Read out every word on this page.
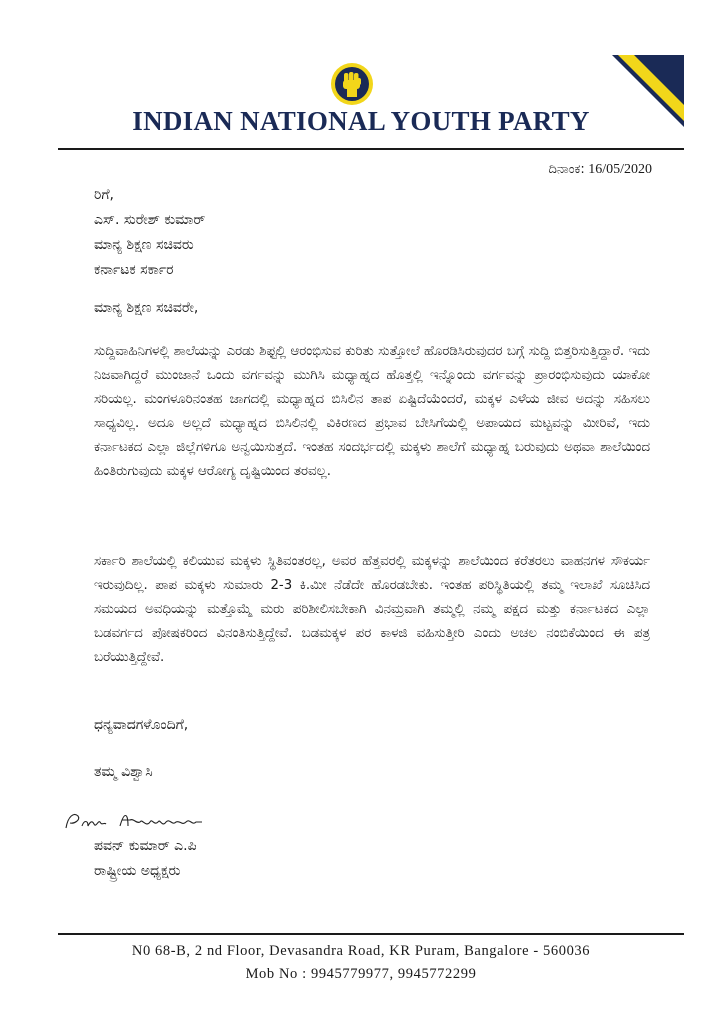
INDIAN NATIONAL YOUTH PARTY
ದಿನಾಂಕ: 16/05/2020
ರಿಗೆ,
ಎಸ್. ಸುರೇಶ್ ಕುಮಾರ್
ಮಾನ್ಯ ಶಿಕ್ಷಣ ಸಚಿವರು
ಕರ್ನಾಟಕ ಸರ್ಕಾರ
ಮಾನ್ಯ ಶಿಕ್ಷಣ ಸಚಿವರೇ,
ಸುದ್ದಿವಾಹಿನಿಗಳಲ್ಲಿ ಶಾಲೆಯನ್ನು ಎರಡು ಶಿಫ್ಟಲ್ಲಿ ಆರಂಭಿಸುವ ಕುರಿತು ಸುತ್ತೋಲೆ ಹೊರಡಿಸಿರುವುದರ ಬಗ್ಗೆ ಸುದ್ದಿ ಬಿತ್ತರಿಸುತ್ತಿದ್ದಾರೆ. ಇದು ನಿಜವಾಗಿದ್ದರೆ ಮುಂಜಾನೆ ಒಂದು ವರ್ಗವನ್ನು ಮುಗಿಸಿ ಮಧ್ಯಾಹ್ನದ ಹೊತ್ತಲ್ಲಿ ಇನ್ನೊಂದು ವರ್ಗವನ್ನು ಪ್ರಾರಂಭಿಸುವುದು ಯಾಕೋ ಸರಿಯಲ್ಲ. ಮಂಗಳೂರಿನಂತಹ ಜಾಗದಲ್ಲಿ ಮಧ್ಯಾಹ್ನದ ಬಿಸಿಲಿನ ತಾಪ ಏಷ್ಟಿದೆಯೆಂದರೆ, ಮಕ್ಕಳ ಎಳೆಯ ಜೀವ ಅದನ್ನು ಸಹಿಸಲು ಸಾಧ್ಯವಿಲ್ಲ. ಅದೂ ಅಲ್ಲದೆ ಮಧ್ಯಾಹ್ನದ ಬಿಸಿಲಿನಲ್ಲಿ ವಿಕಿರಣದ ಪ್ರಭಾವ ಬೇಸಿಗೆಯಲ್ಲಿ ಅಪಾಯದ ಮಟ್ಟವನ್ನು ಮೀರಿವೆ, ಇದು ಕರ್ನಾಟಕದ ಎಲ್ಲಾ ಜಿಲ್ಲೆಗಳಿಗೂ ಅನ್ವಯಿಸುತ್ತದೆ. ಇಂತಹ ಸಂದರ್ಭದಲ್ಲಿ ಮಕ್ಕಳು ಶಾಲೆಗೆ ಮಧ್ಯಾಹ್ನ ಬರುವುದು ಅಥವಾ ಶಾಲೆಯಿಂದ ಹಿಂತಿರುಗುವುದು ಮಕ್ಕಳ ಆರೋಗ್ಯ ದೃಷ್ಟಿಯಿಂದ ತರವಲ್ಲ.
ಸರ್ಕಾರಿ ಶಾಲೆಯಲ್ಲಿ ಕಲಿಯುವ ಮಕ್ಕಳು ಸ್ಥಿತಿವಂತರಲ್ಲ, ಅವರ ಹೆತ್ತವರಲ್ಲಿ ಮಕ್ಕಳನ್ನು ಶಾಲೆಯಿಂದ ಕರೆತರಲು ವಾಹನಗಳ ಸೌಕರ್ಯ ಇರುವುದಿಲ್ಲ. ಪಾಪ ಮಕ್ಕಳು ಸುಮಾರು 2-3 ಕಿ.ಮೀ ನೆಡೆದೇ ಹೊರಡಬೇಕು. ಇಂತಹ ಪರಿಸ್ಥಿತಿಯಲ್ಲಿ ತಮ್ಮ ಇಲಾಖೆ ಸೂಚಿಸಿದ ಸಮಯದ ಅವಧಿಯನ್ನು ಮತ್ತೊಮ್ಮೆ ಮರು ಪರಿಶೀಲಿಸಬೇಕಾಗಿ ವಿನಮ್ರವಾಗಿ ತಮ್ಮಲ್ಲಿ ನಮ್ಮ ಪಕ್ಷದ ಮತ್ತು ಕರ್ನಾಟಕದ ಎಲ್ಲಾ ಬಡವರ್ಗದ ಪೋಷಕರಿಂದ ವಿನಂತಿಸುತ್ತಿದ್ದೇವೆ. ಬಡಮಕ್ಕಳ ಪರ ಕಾಳಜಿ ವಹಿಸುತ್ತೀರಿ ಎಂದು ಅಚಲ ನಂಬಿಕೆಯಿಂದ ಈ ಪತ್ರ ಬರೆಯುತ್ತಿದ್ದೇವೆ.
ಧನ್ಯವಾದಗಳೊಂದಿಗೆ,
ತಮ್ಮ ವಿಶ್ವಾಸಿ
ಪವನ್ ಕುಮಾರ್ ಎ.ಪಿ
ರಾಷ್ಟ್ರೀಯ ಅಧ್ಯಕ್ಷರು
N0 68-B, 2 nd Floor, Devasandra Road, KR Puram, Bangalore - 560036
Mob No : 9945779977, 9945772299
